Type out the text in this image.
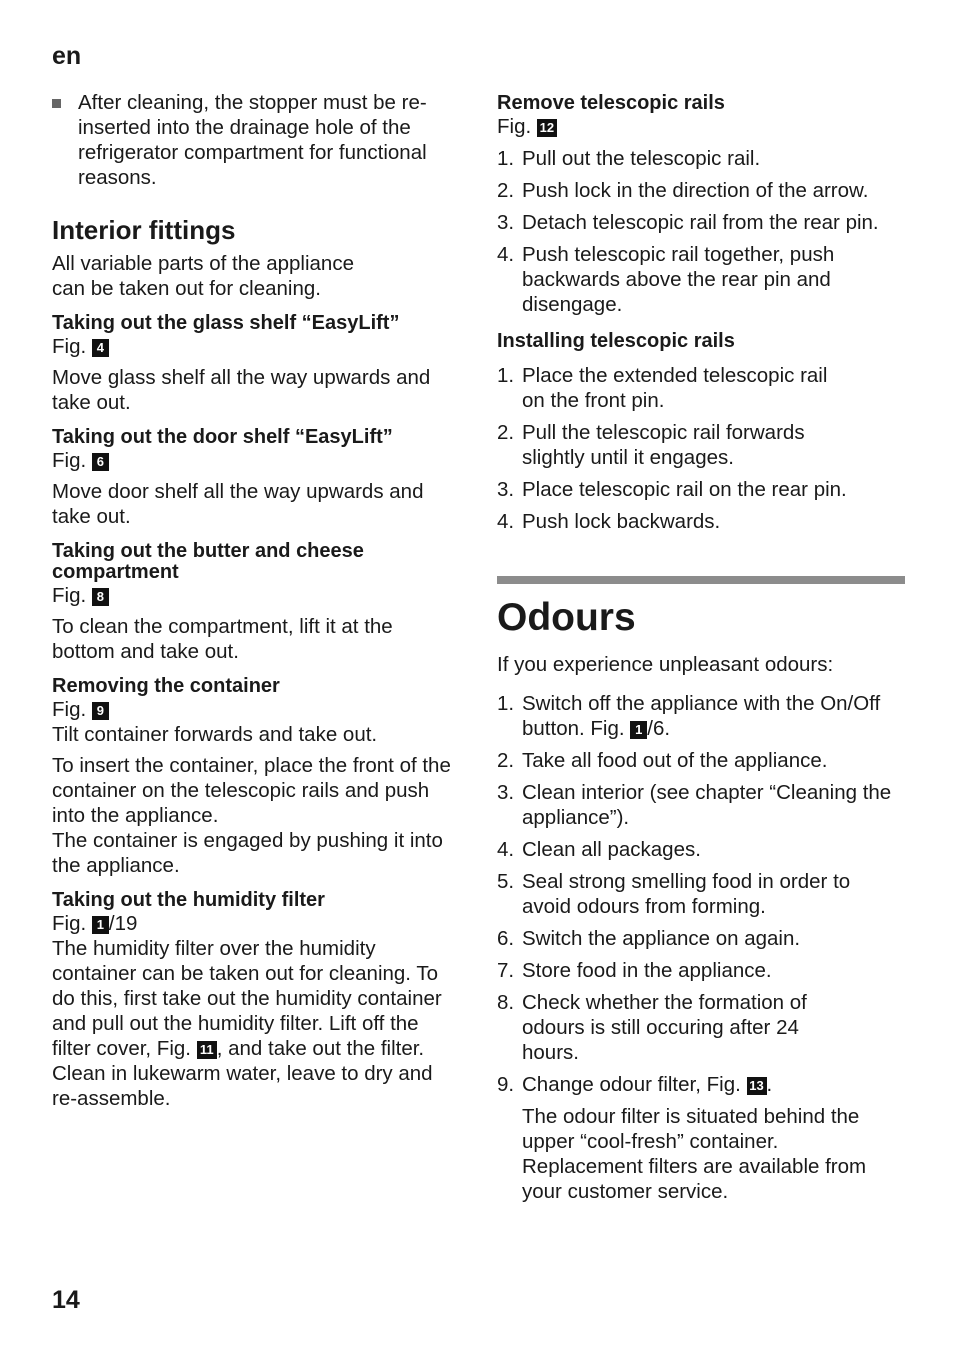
en

After cleaning, the stopper must be re-inserted into the drainage hole of the refrigerator compartment for functional reasons.

Interior fittings

All variable parts of the appliance can be taken out for cleaning.

Taking out the glass shelf “EasyLift”
Fig. 4

Move glass shelf all the way upwards and take out.

Taking out the door shelf “EasyLift”
Fig. 6

Move door shelf all the way upwards and take out.

Taking out the butter and cheese compartment
Fig. 8

To clean the compartment, lift it at the bottom and take out.

Removing the container
Fig. 9

Tilt container forwards and take out.

To insert the container, place the front of the container on the telescopic rails and push into the appliance.

The container is engaged by pushing it into the appliance.

Taking out the humidity filter
Fig. 1 /19

The humidity filter over the humidity container can be taken out for cleaning. To do this, first take out the humidity container and pull out the humidity filter. Lift off the filter cover, Fig. 11 , and take out the filter. Clean in lukewarm water, leave to dry and re-assemble.

Remove telescopic rails
Fig. 12
1. Pull out the telescopic rail.
2. Push lock in the direction of the arrow.
3. Detach telescopic rail from the rear pin.
4. Push telescopic rail together, push backwards above the rear pin and disengage.
Installing telescopic rails
1. Place the extended telescopic rail on the front pin.
2. Pull the telescopic rail forwards slightly until it engages.
3. Place telescopic rail on the rear pin.
4. Push lock backwards.
Odours

If you experience unpleasant odours:

1. Switch off the appliance with the On/Off button. Fig. 1 /6.
2. Take all food out of the appliance.
3. Clean interior (see chapter “Cleaning the appliance”).
4. Clean all packages.
5. Seal strong smelling food in order to avoid odours from forming.
6. Switch the appliance on again.
7. Store food in the appliance.
8. Check whether the formation of odours is still occuring after 24 hours.
9. Change odour filter, Fig. 13 .

The odour filter is situated behind the upper “cool-fresh” container. Replacement filters are available from your customer service.

14
